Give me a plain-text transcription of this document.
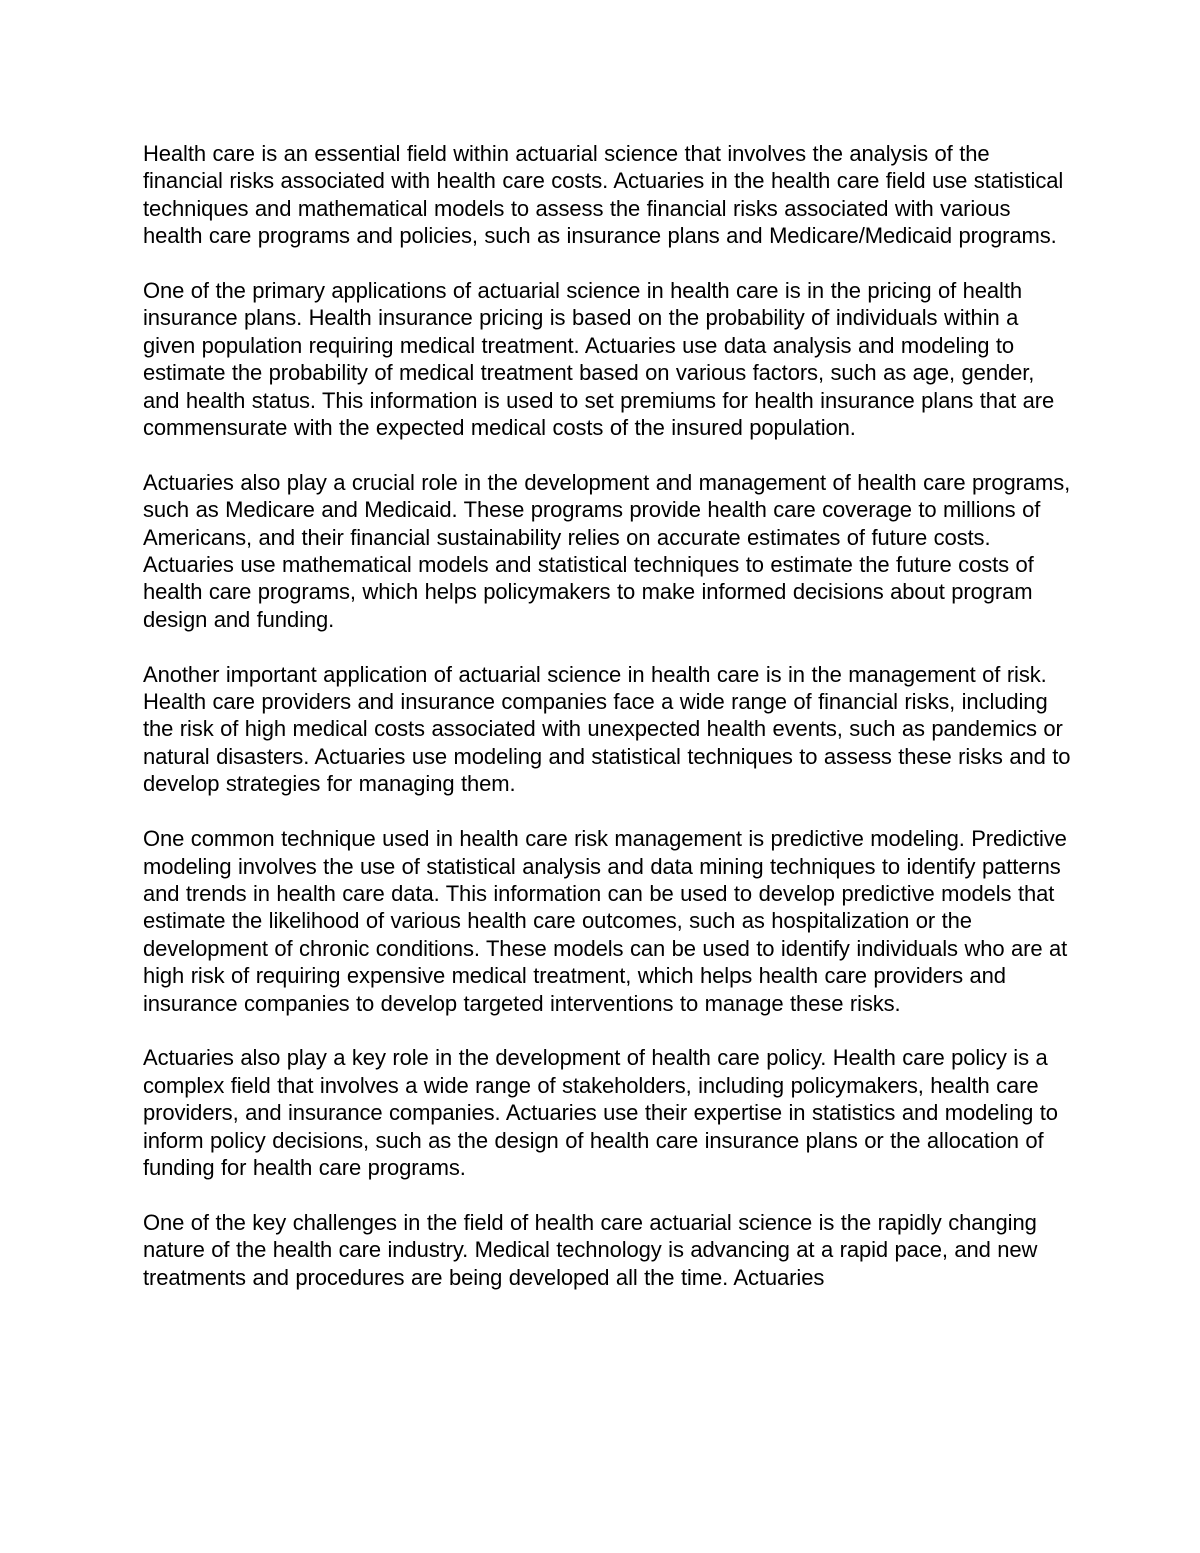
Health care is an essential field within actuarial science that involves the analysis of the financial risks associated with health care costs. Actuaries in the health care field use statistical techniques and mathematical models to assess the financial risks associated with various health care programs and policies, such as insurance plans and Medicare/Medicaid programs.

One of the primary applications of actuarial science in health care is in the pricing of health insurance plans. Health insurance pricing is based on the probability of individuals within a given population requiring medical treatment. Actuaries use data analysis and modeling to estimate the probability of medical treatment based on various factors, such as age, gender, and health status. This information is used to set premiums for health insurance plans that are commensurate with the expected medical costs of the insured population.

Actuaries also play a crucial role in the development and management of health care programs, such as Medicare and Medicaid. These programs provide health care coverage to millions of Americans, and their financial sustainability relies on accurate estimates of future costs. Actuaries use mathematical models and statistical techniques to estimate the future costs of health care programs, which helps policymakers to make informed decisions about program design and funding.

Another important application of actuarial science in health care is in the management of risk. Health care providers and insurance companies face a wide range of financial risks, including the risk of high medical costs associated with unexpected health events, such as pandemics or natural disasters. Actuaries use modeling and statistical techniques to assess these risks and to develop strategies for managing them.

One common technique used in health care risk management is predictive modeling. Predictive modeling involves the use of statistical analysis and data mining techniques to identify patterns and trends in health care data. This information can be used to develop predictive models that estimate the likelihood of various health care outcomes, such as hospitalization or the development of chronic conditions. These models can be used to identify individuals who are at high risk of requiring expensive medical treatment, which helps health care providers and insurance companies to develop targeted interventions to manage these risks.

Actuaries also play a key role in the development of health care policy. Health care policy is a complex field that involves a wide range of stakeholders, including policymakers, health care providers, and insurance companies. Actuaries use their expertise in statistics and modeling to inform policy decisions, such as the design of health care insurance plans or the allocation of funding for health care programs.

One of the key challenges in the field of health care actuarial science is the rapidly changing nature of the health care industry. Medical technology is advancing at a rapid pace, and new treatments and procedures are being developed all the time. Actuaries
